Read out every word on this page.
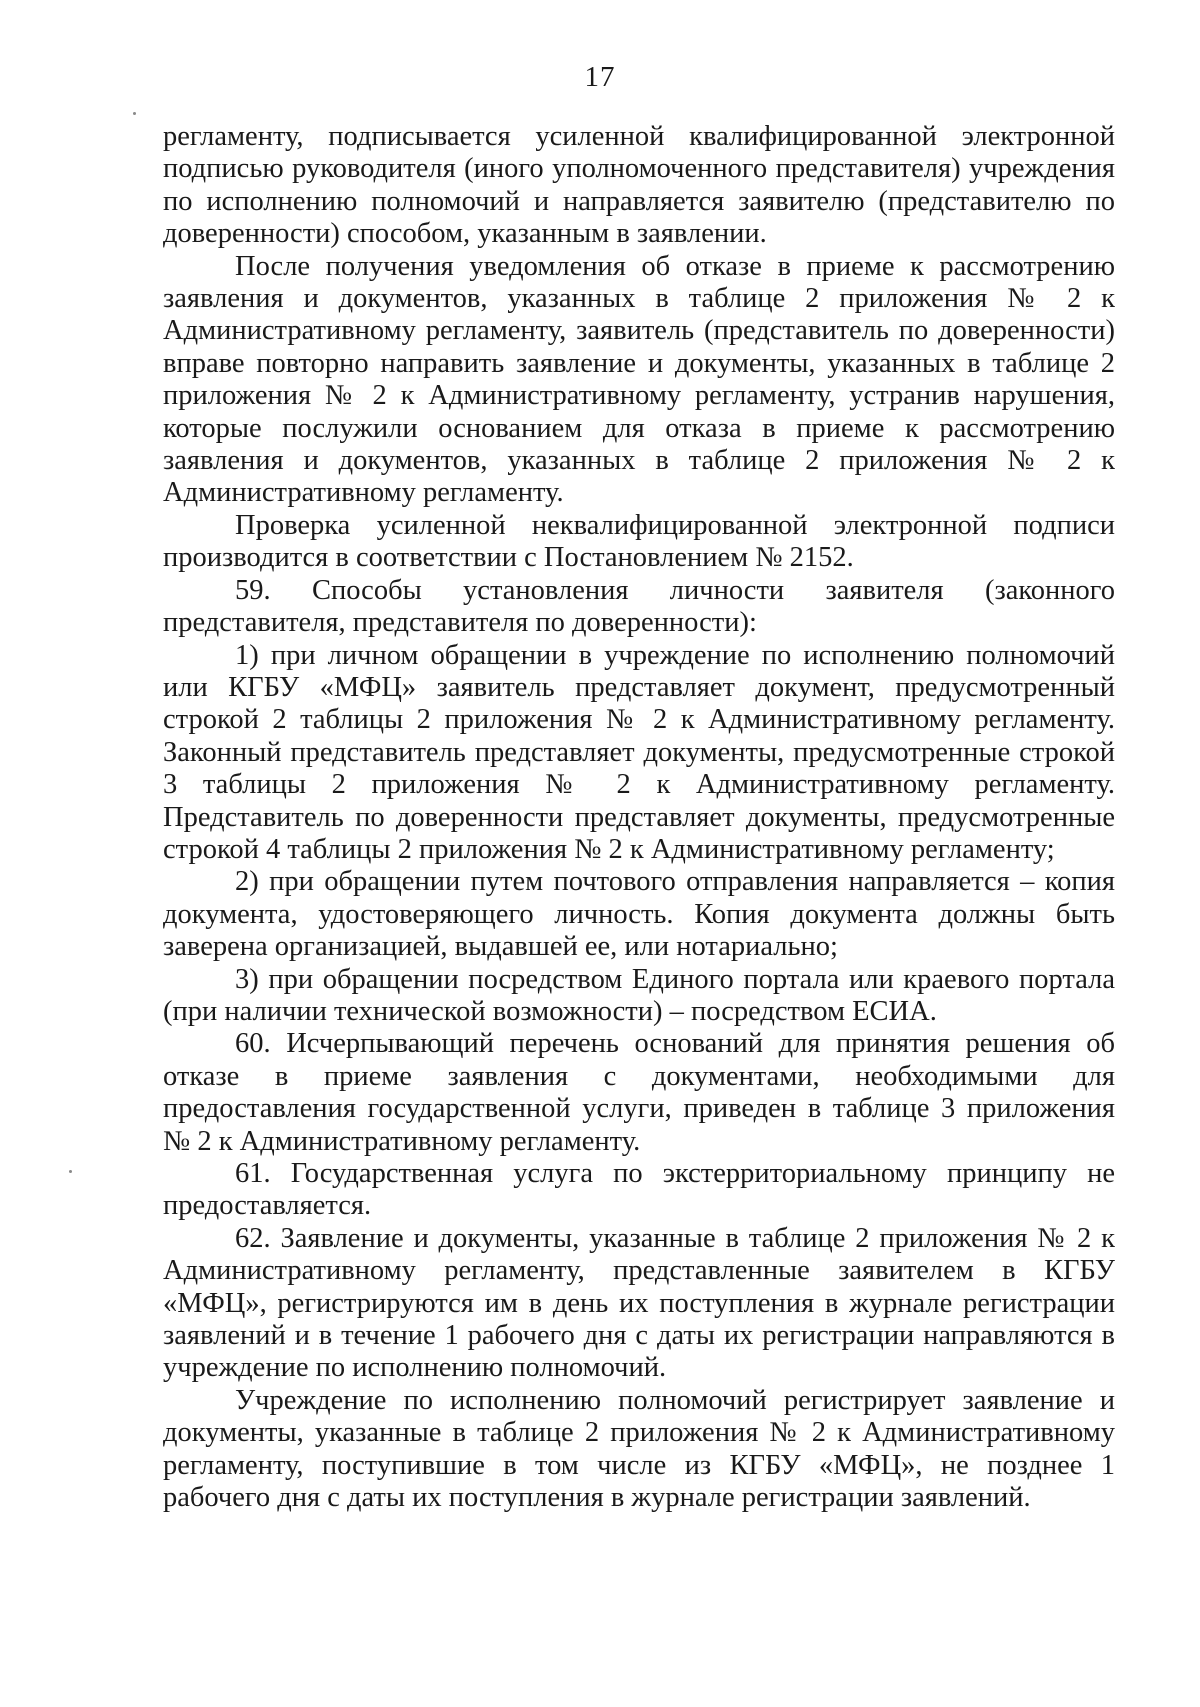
17

регламенту, подписывается усиленной квалифицированной электронной подписью руководителя (иного уполномоченного представителя) учреждения по исполнению полномочий и направляется заявителю (представителю по доверенности) способом, указанным в заявлении.

После получения уведомления об отказе в приеме к рассмотрению заявления и документов, указанных в таблице 2 приложения № 2 к Административному регламенту, заявитель (представитель по доверенности) вправе повторно направить заявление и документы, указанных в таблице 2 приложения № 2 к Административному регламенту, устранив нарушения, которые послужили основанием для отказа в приеме к рассмотрению заявления и документов, указанных в таблице 2 приложения № 2 к Административному регламенту.

Проверка усиленной неквалифицированной электронной подписи производится в соответствии с Постановлением № 2152.

59. Способы установления личности заявителя (законного представителя, представителя по доверенности):

1) при личном обращении в учреждение по исполнению полномочий или КГБУ «МФЦ» заявитель представляет документ, предусмотренный строкой 2 таблицы 2 приложения № 2 к Административному регламенту. Законный представитель представляет документы, предусмотренные строкой 3 таблицы 2 приложения № 2 к Административному регламенту. Представитель по доверенности представляет документы, предусмотренные строкой 4 таблицы 2 приложения № 2 к Административному регламенту;

2) при обращении путем почтового отправления направляется – копия документа, удостоверяющего личность. Копия документа должны быть заверена организацией, выдавшей ее, или нотариально;

3) при обращении посредством Единого портала или краевого портала (при наличии технической возможности) – посредством ЕСИА.

60. Исчерпывающий перечень оснований для принятия решения об отказе в приеме заявления с документами, необходимыми для предоставления государственной услуги, приведен в таблице 3 приложения № 2 к Административному регламенту.

61. Государственная услуга по экстерриториальному принципу не предоставляется.

62. Заявление и документы, указанные в таблице 2 приложения № 2 к Административному регламенту, представленные заявителем в КГБУ «МФЦ», регистрируются им в день их поступления в журнале регистрации заявлений и в течение 1 рабочего дня с даты их регистрации направляются в учреждение по исполнению полномочий.

Учреждение по исполнению полномочий регистрирует заявление и документы, указанные в таблице 2 приложения № 2 к Административному регламенту, поступившие в том числе из КГБУ «МФЦ», не позднее 1 рабочего дня с даты их поступления в журнале регистрации заявлений.
